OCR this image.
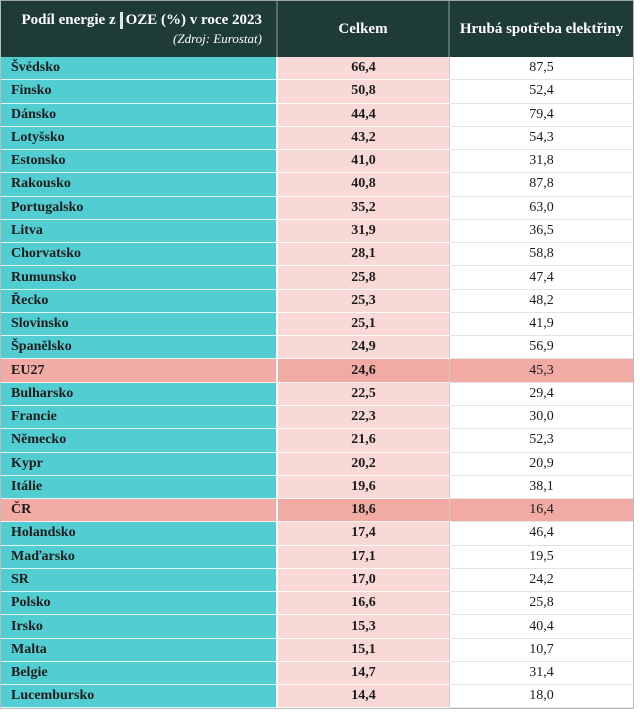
Podíl energie z OZE (%) v roce 2023
(Zdroj: Eurostat)
Celkem	Hrubá spotřeba elektřiny
Švédsko	66,4	87,5
Finsko	50,8	52,4
Dánsko	44,4	79,4
Lotyšsko	43,2	54,3
Estonsko	41,0	31,8
Rakousko	40,8	87,8
Portugalsko	35,2	63,0
Litva	31,9	36,5
Chorvatsko	28,1	58,8
Rumunsko	25,8	47,4
Řecko	25,3	48,2
Slovinsko	25,1	41,9
Španělsko	24,9	56,9
EU27	24,6	45,3
Bulharsko	22,5	29,4
Francie	22,3	30,0
Německo	21,6	52,3
Kypr	20,2	20,9
Itálie	19,6	38,1
ČR	18,6	16,4
Holandsko	17,4	46,4
Maďarsko	17,1	19,5
SR	17,0	24,2
Polsko	16,6	25,8
Irsko	15,3	40,4
Malta	15,1	10,7
Belgie	14,7	31,4
Lucembursko	14,4	18,0
